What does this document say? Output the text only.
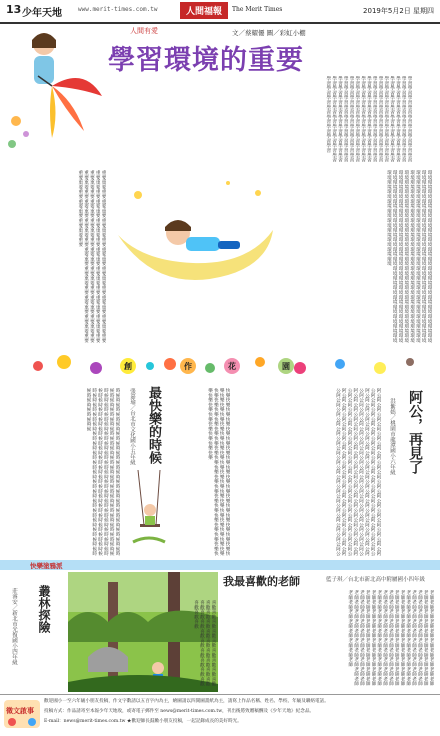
13 少年天地	www.merit-times.com.tw	人間福報	The Merit Times	2019年5月2日 星期四
人間有愛	文／蔡耀僊 圖／彩虹小棚
學習環境的重要
學習學習學習學習學習學習學習學習學習學習學習學習學習學習學習學習學習學習學習學習學習學習學習學習學習學習學習學習學習學習學習學習學習學習學習學習學習學習學習學習學習學習學習學習學習學習學習學習學習學習學習學習學習學習學習學習學習學習學習學習學習學習學習學習學習學習學習學習學習學習學習學習學習學習學習學習學習學習學習學習學習學習學習學習學習學習學習學習學習學習學習學習學習學習學習學習學習學習學習學習學習學習學習學習學習學習學習學習學習學習學習學習學習學習學習學習學習學習學習學習學習學習學習學習學習學習學習學習學習學習學習學習學習學習
環境環境環境環境環境環境環境環境環境環境環境環境環境環境環境環境環境環境環境環境環境環境環境環境環境環境環境環境環境環境環境環境環境環境環境環境環境環境環境環境環境環境環境環境環境環境環境環境環境環境環境環境環境環境環境環境環境環境環境環境環境環境環境環境環境環境環境環境環境環境環境環境環境環境環境環境環境環境環境環境環境環境環境環境環境環境環境環境環境環境環境環境環境環境環境環境環境環境環境環境環境環境環境環境環境環境環境環境環境環境環境環境環境環境環境環境環境環境環境環境環境環境環境環境環境環境環境環境環境環境環境環境環境環境環境環境
重要重要重要重要重要重要重要重要重要重要重要重要重要重要重要重要重要重要重要重要重要重要重要重要重要重要重要重要重要重要重要重要重要重要重要重要重要重要重要重要重要重要重要重要重要重要重要重要重要重要重要重要重要重要重要重要重要重要重要重要重要重要重要重要重要重要重要重要重要重要重要重要重要重要重要重要重要重要重要重要
創	作	花	園
阿公，再見了
洪紫嫣／桃園市龍潭國小六年級
阿公阿公阿公阿公阿公阿公阿公阿公阿公阿公阿公阿公阿公阿公阿公阿公阿公阿公阿公阿公阿公阿公阿公阿公阿公阿公阿公阿公阿公阿公阿公阿公阿公阿公阿公阿公阿公阿公阿公阿公阿公阿公阿公阿公阿公阿公阿公阿公阿公阿公阿公阿公阿公阿公阿公阿公阿公阿公阿公阿公阿公阿公阿公阿公阿公阿公阿公阿公阿公阿公阿公阿公阿公阿公阿公阿公阿公阿公阿公阿公阿公阿公阿公阿公阿公阿公阿公阿公阿公阿公阿公阿公阿公阿公阿公阿公阿公阿公阿公阿公阿公阿公阿公阿公阿公阿公阿公阿公阿公阿公阿公阿公阿公阿公阿公阿公阿公阿公阿公阿公阿公阿公阿公阿公阿公阿公阿公阿公阿公阿公阿公阿公阿公阿公阿公阿公阿公阿公阿公阿公
最快樂的時候
張嘉瑜／台北市文化國小五年級	快樂快樂快樂快樂快樂快樂快樂快樂快樂快樂快樂快樂快樂快樂快樂快樂快樂快樂快樂快樂快樂快樂快樂快樂快樂快樂快樂快樂快樂快樂快樂快樂快樂快樂快樂快樂快樂快樂快樂快樂快樂快樂快樂快樂快樂快樂快樂快樂快樂快樂快樂快樂快樂快樂快樂快樂快樂快樂快樂快樂
時候時候時候時候時候時候時候時候時候時候時候時候時候時候時候時候時候時候時候時候時候時候時候時候時候時候時候時候時候時候時候時候時候時候時候時候時候時候時候時候時候時候時候時候時候時候時候時候時候時候時候時候時候時候時候時候時候時候時候時候時候時候時候時候時候時候時候時候時候時候時候時候時候時候時候時候時候時候時候時候時候時候時候時候時候時候時候時候時候時候時候時候
快樂塗鴉派
叢林探險
莊睿安／新北市光復國小四年級
我最喜歡的老師	藍子琪／台北市新北高中附屬國小四年級
老師老師老師老師老師老師老師老師老師老師老師老師老師老師老師老師老師老師老師老師老師老師老師老師老師老師老師老師老師老師老師老師老師老師老師老師老師老師老師老師老師老師老師老師老師老師老師老師老師老師老師老師老師老師老師老師老師老師老師老師老師老師老師老師老師老師老師老師老師老師老師老師老師老師老師老師老師老師老師老師老師老師老師老師老師老師老師老師老師老師老師老師老師老師老師老師老師老師老師老師老師老師老師老師老師老師老師老師老師老師老師老師老師老師老師老師老師老師老師老師老師老師老師老師老師老師老師老師老師老師老師老師老師老師老師老師老師老師老師老師老師老師老師老師老師老師老師老師
喜歡喜歡喜歡喜歡喜歡喜歡喜歡喜歡喜歡喜歡喜歡喜歡喜歡喜歡喜歡喜歡喜歡喜歡喜歡喜歡喜歡喜歡喜歡喜歡喜歡喜歡喜歡喜歡喜歡喜歡
徵文啟事
歡迎國小一至六年級小朋友投稿，作文字數請以五百字內為主，繪圖請以四開圖畫紙為主，請寫上作品名稱、姓名、學校、年級及聯絡電話。
投稿方式：作品請寄至本報少年天地收，或寄電子郵件至 news@merit-times.com.tw，刊出後將致贈稿酬及《少年天地》紀念品。
E-mail：news@merit-times.com.tw ★歡迎師長鼓勵小朋友投稿，一起記錄成長的美好時光。
